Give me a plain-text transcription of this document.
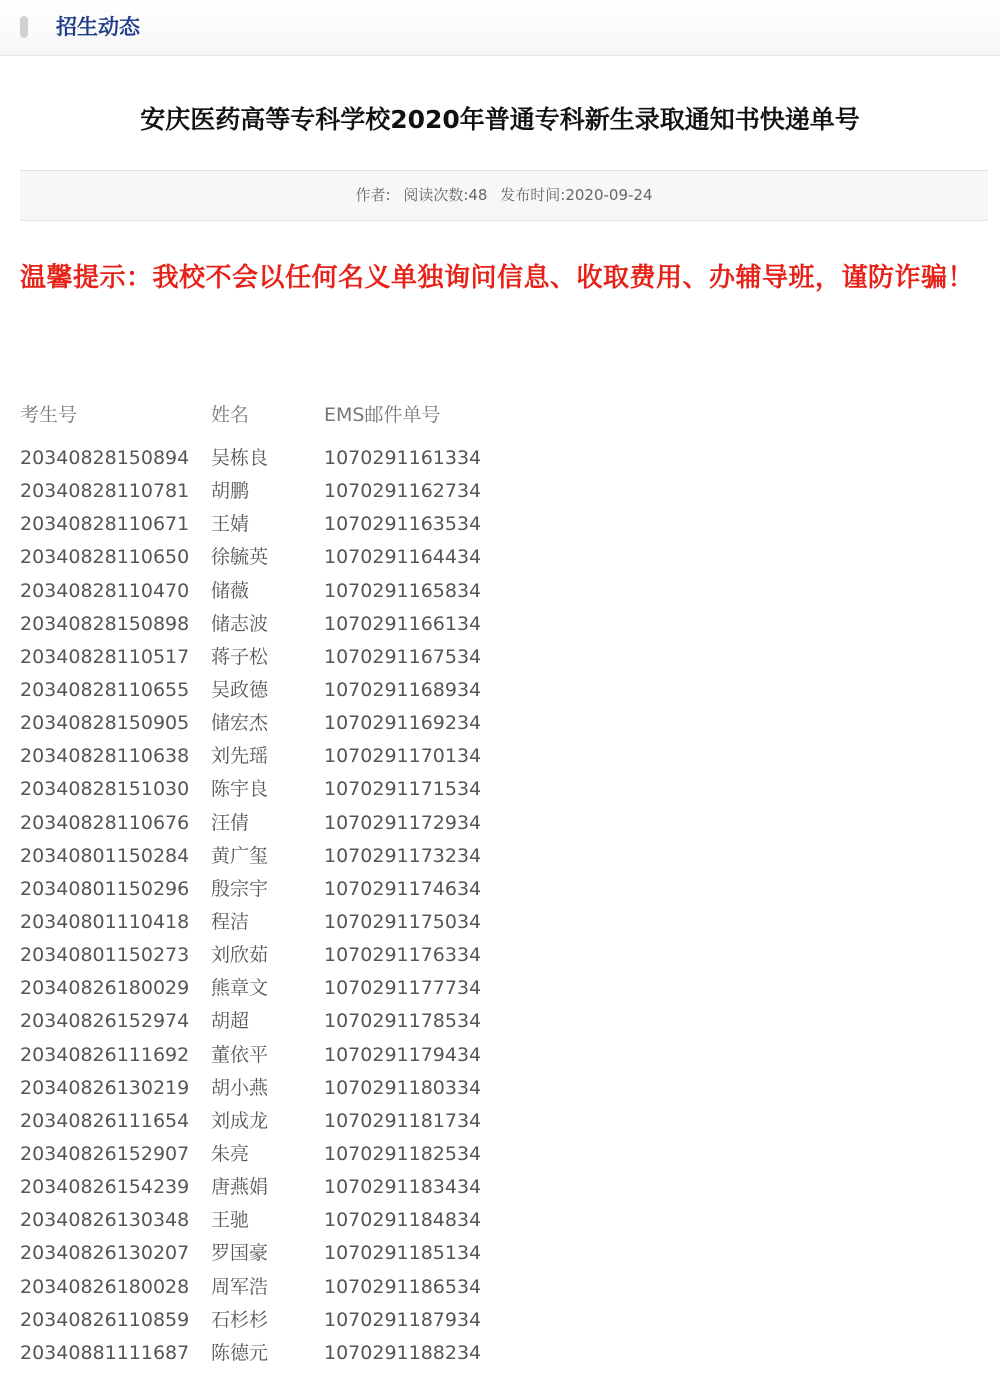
招生动态
安庆医药高等专科学校2020年普通专科新生录取通知书快递单号
作者: 阅读次数:48 发布时间:2020-09-24
温馨提示：我校不会以任何名义单独询问信息、收取费用、办辅导班，谨防诈骗！
考生号	姓名	EMS邮件单号
20340828150894 吴栋良	1070291161334
20340828110781 胡鹏	1070291162734
20340828110671 王婧	1070291163534
20340828110650 徐毓英	1070291164434
20340828110470 储薇	1070291165834
20340828150898 储志波	1070291166134
20340828110517 蒋子松	1070291167534
20340828110655 吴政德	1070291168934
20340828150905 储宏杰	1070291169234
20340828110638 刘先瑶	1070291170134
20340828151030 陈宇良	1070291171534
20340828110676 汪倩	1070291172934
20340801150284 黄广玺	1070291173234
20340801150296 殷宗宇	1070291174634
20340801110418 程洁	1070291175034
20340801150273 刘欣茹	1070291176334
20340826180029 熊章文	1070291177734
20340826152974 胡超	1070291178534
20340826111692 董依平	1070291179434
20340826130219 胡小燕	1070291180334
20340826111654 刘成龙	1070291181734
20340826152907 朱亮	1070291182534
20340826154239 唐燕娟	1070291183434
20340826130348 王驰	1070291184834
20340826130207 罗国豪	1070291185134
20340826180028 周军浩	1070291186534
20340826110859 石杉杉	1070291187934
20340881111687 陈德元	1070291188234
